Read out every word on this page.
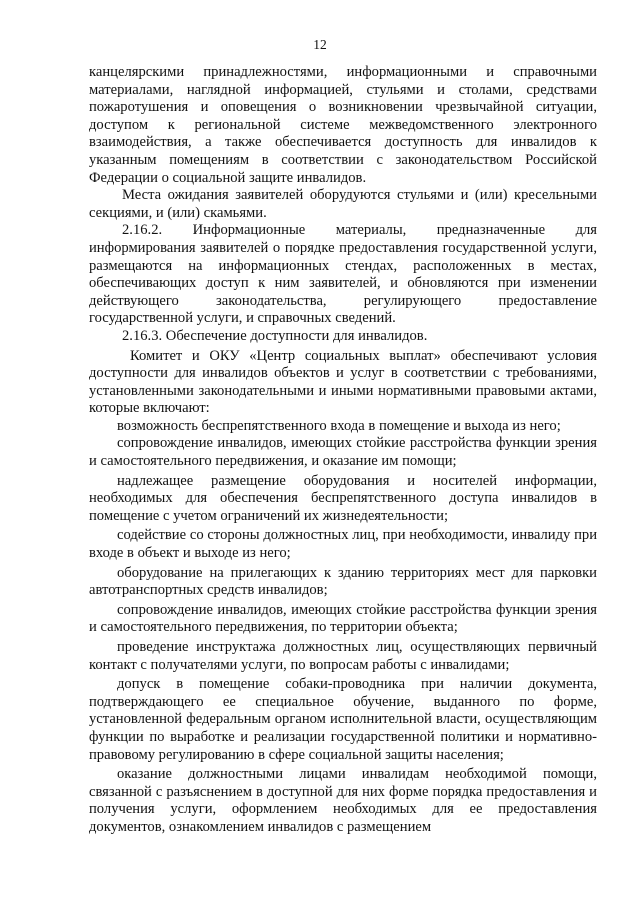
12

канцелярскими принадлежностями, информационными и справочными материалами, наглядной информацией, стульями и столами, средствами пожаротушения и оповещения о возникновении чрезвычайной ситуации, доступом к региональной системе межведомственного электронного взаимодействия, а также обеспечивается доступность для инвалидов к указанным помещениям в соответствии с законодательством Российской Федерации о социальной защите инвалидов.

Места ожидания заявителей оборудуются стульями и (или) кресельными секциями, и (или) скамьями.

2.16.2. Информационные материалы, предназначенные для информирования заявителей о порядке предоставления государственной услуги, размещаются на информационных стендах, расположенных в местах, обеспечивающих доступ к ним заявителей, и обновляются при изменении действующего законодательства, регулирующего предоставление государственной услуги, и справочных сведений.

2.16.3. Обеспечение доступности для инвалидов.

Комитет и ОКУ «Центр социальных выплат» обеспечивают условия доступности для инвалидов объектов и услуг в соответствии с требованиями, установленными законодательными и иными нормативными правовыми актами, которые включают:

возможность беспрепятственного входа в помещение и выхода из него;

сопровождение инвалидов, имеющих стойкие расстройства функции зрения и самостоятельного передвижения, и оказание им помощи;

надлежащее размещение оборудования и носителей информации, необходимых для обеспечения беспрепятственного доступа инвалидов в помещение с учетом ограничений их жизнедеятельности;

содействие со стороны должностных лиц, при необходимости, инвалиду при входе в объект и выходе из него;

оборудование на прилегающих к зданию территориях мест для парковки автотранспортных средств инвалидов;

сопровождение инвалидов, имеющих стойкие расстройства функции зрения и самостоятельного передвижения, по территории объекта;

проведение инструктажа должностных лиц, осуществляющих первичный контакт с получателями услуги, по вопросам работы с инвалидами;

допуск в помещение собаки-проводника при наличии документа, подтверждающего ее специальное обучение, выданного по форме, установленной федеральным органом исполнительной власти, осуществляющим функции по выработке и реализации государственной политики и нормативно-правовому регулированию в сфере социальной защиты населения;

оказание должностными лицами инвалидам необходимой помощи, связанной с разъяснением в доступной для них форме порядка предоставления и получения услуги, оформлением необходимых для ее предоставления документов, ознакомлением инвалидов с размещением
